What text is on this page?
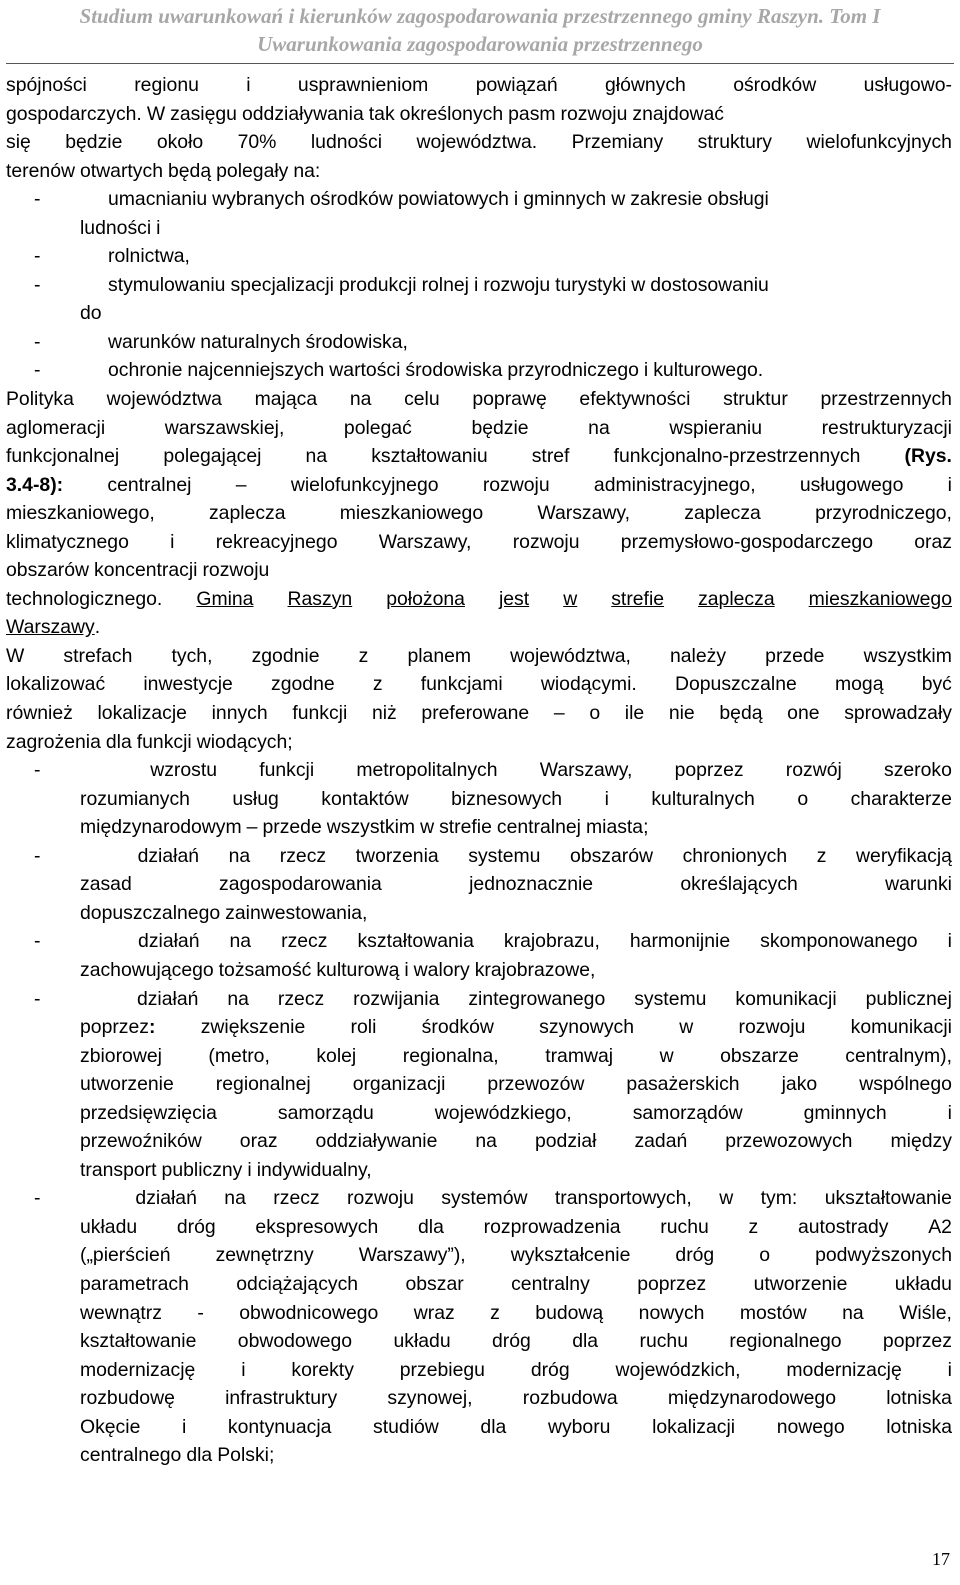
Studium uwarunkowań i kierunków zagospodarowania przestrzennego gminy Raszyn. Tom I
Uwarunkowania zagospodarowania przestrzennego
spójności regionu i usprawnieniom powiązań głównych ośrodków usługowo-
gospodarczych. W zasięgu oddziaływania tak określonych pasm rozwoju znajdować
się będzie około 70% ludności województwa. Przemiany struktury wielofunkcyjnych
terenów otwartych będą polegały na:
-	umacnianiu wybranych ośrodków powiatowych i gminnych w zakresie obsługi
ludności i
-	rolnictwa,
-	stymulowaniu specjalizacji produkcji rolnej i rozwoju turystyki w dostosowaniu
do
-	warunków naturalnych środowiska,
-	ochronie najcenniejszych wartości środowiska przyrodniczego i kulturowego.
Polityka województwa mająca na celu poprawę efektywności struktur przestrzennych
aglomeracji	warszawskiej,	polegać	będzie	na	wspieraniu	restrukturyzacji
funkcjonalnej polegającej na kształtowaniu stref funkcjonalno-przestrzennych (Rys.
3.4-8): centralnej – wielofunkcyjnego rozwoju administracyjnego, usługowego i
mieszkaniowego,	zaplecza	mieszkaniowego	Warszawy,	zaplecza	przyrodniczego,
klimatycznego i rekreacyjnego Warszawy, rozwoju przemysłowo-gospodarczego oraz
obszarów koncentracji rozwoju
technologicznego. Gmina Raszyn położona jest w strefie zaplecza mieszkaniowego
Warszawy .
W strefach tych, zgodnie z planem województwa, należy przede wszystkim
lokalizować inwestycje zgodne z funkcjami wiodącymi. Dopuszczalne mogą być
również lokalizacje innych funkcji niż preferowane – o ile nie będą one sprowadzały
zagrożenia dla funkcji wiodących;
-	wzrostu funkcji metropolitalnych Warszawy, poprzez rozwój szeroko
rozumianych usług kontaktów biznesowych i kulturalnych o charakterze
międzynarodowym – przede wszystkim w strefie centralnej miasta;
-	działań na rzecz tworzenia systemu obszarów chronionych z weryfikacją
zasad	zagospodarowania	jednoznacznie	określających	warunki
dopuszczalnego zainwestowania,
-	działań na rzecz kształtowania krajobrazu, harmonijnie skomponowanego i
zachowującego tożsamość kulturową i walory krajobrazowe,
-	działań na rzecz rozwijania zintegrowanego systemu komunikacji publicznej
poprzez: zwiększenie roli środków szynowych w rozwoju komunikacji
zbiorowej (metro, kolej regionalna, tramwaj w obszarze centralnym),
utworzenie regionalnej organizacji przewozów pasażerskich jako wspólnego
przedsięwzięcia	samorządu	wojewódzkiego,	samorządów	gminnych	i
przewoźników oraz oddziaływanie na podział zadań przewozowych między
transport publiczny i indywidualny,
-	działań na rzecz rozwoju systemów transportowych, w tym: ukształtowanie
układu dróg ekspresowych dla rozprowadzenia ruchu z autostrady A2
(„pierścień zewnętrzny Warszawy”), wykształcenie dróg o podwyższonych
parametrach odciążających obszar centralny poprzez utworzenie układu
wewnątrz - obwodnicowego wraz z budową nowych mostów na Wiśle,
kształtowanie obwodowego układu dróg dla ruchu regionalnego poprzez
modernizację i korekty przebiegu dróg wojewódzkich, modernizację i
rozbudowę	infrastruktury	szynowej,	rozbudowa	międzynarodowego	lotniska
Okęcie i kontynuacja studiów dla wyboru lokalizacji nowego lotniska
centralnego dla Polski;
17
